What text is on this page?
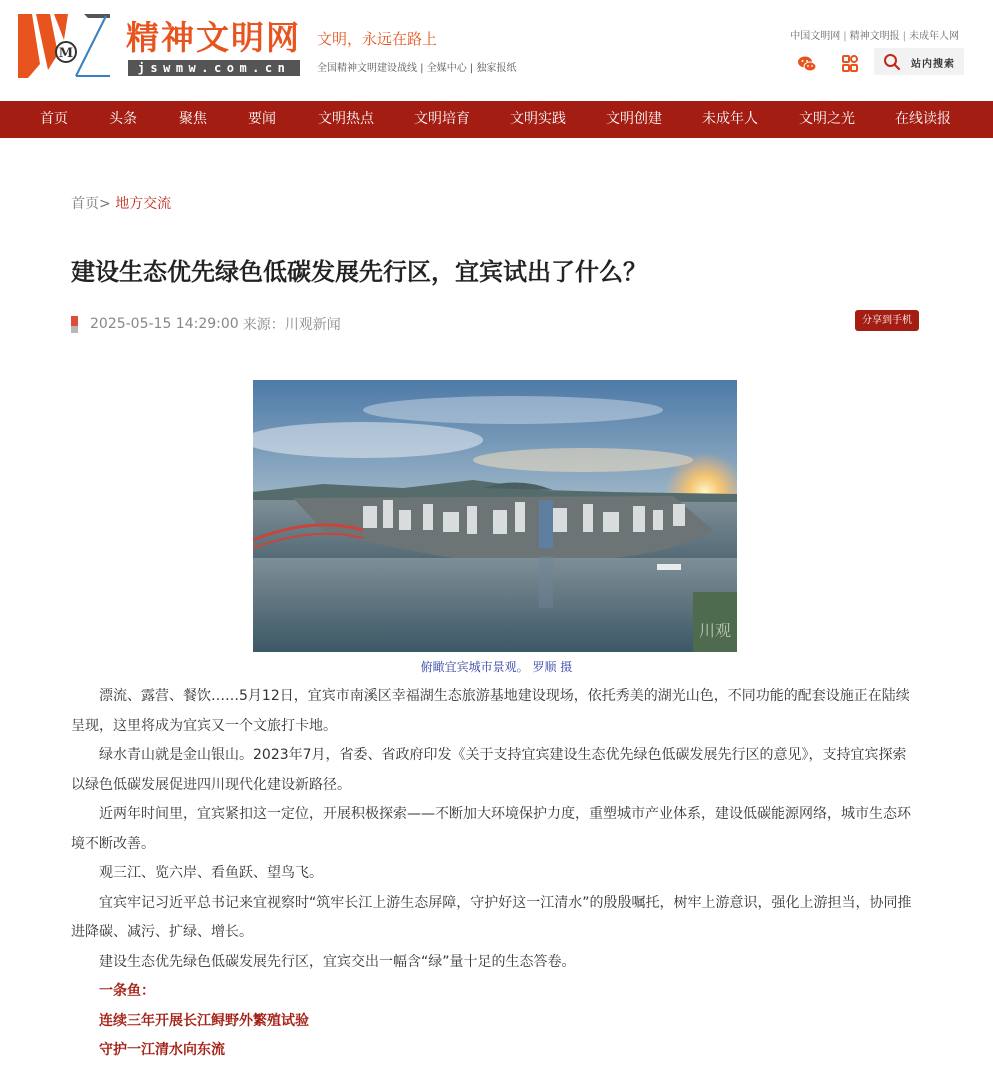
M 精神文明网
jswmw.com.cn
文明，永远在路上
全国精神文明建设战线 | 全媒中心 | 独家报纸
中国文明网 | 精神文明报 | 未成年人网
站内搜索
首页	头条	聚焦	要闻	文明热点	文明培育	文明实践	文明创建	未成年人	文明之光	在线读报
首页> 地方交流
建设生态优先绿色低碳发展先行区，宜宾试出了什么？
2025-05-15 14:29:00 来源：川观新闻	分享到手机
川观
俯瞰宜宾城市景观。 罗顺 摄

漂流、露营、餐饮……5月12日，宜宾市南溪区幸福湖生态旅游基地建设现场，依托秀美的湖光山色，不同功能的配套设施正在陆续呈现，这里将成为宜宾又一个文旅打卡地。

绿水青山就是金山银山。2023年7月，省委、省政府印发《关于支持宜宾建设生态优先绿色低碳发展先行区的意见》，支持宜宾探索以绿色低碳发展促进四川现代化建设新路径。

近两年时间里，宜宾紧扣这一定位，开展积极探索——不断加大环境保护力度，重塑城市产业体系，建设低碳能源网络，城市生态环境不断改善。

观三江、览六岸、看鱼跃、望鸟飞。

宜宾牢记习近平总书记来宜视察时“筑牢长江上游生态屏障，守护好这一江清水”的殷殷嘱托，树牢上游意识，强化上游担当，协同推进降碳、减污、扩绿、增长。

建设生态优先绿色低碳发展先行区，宜宾交出一幅含“绿”量十足的生态答卷。

一条鱼：

连续三年开展长江鲟野外繁殖试验

守护一江清水向东流
